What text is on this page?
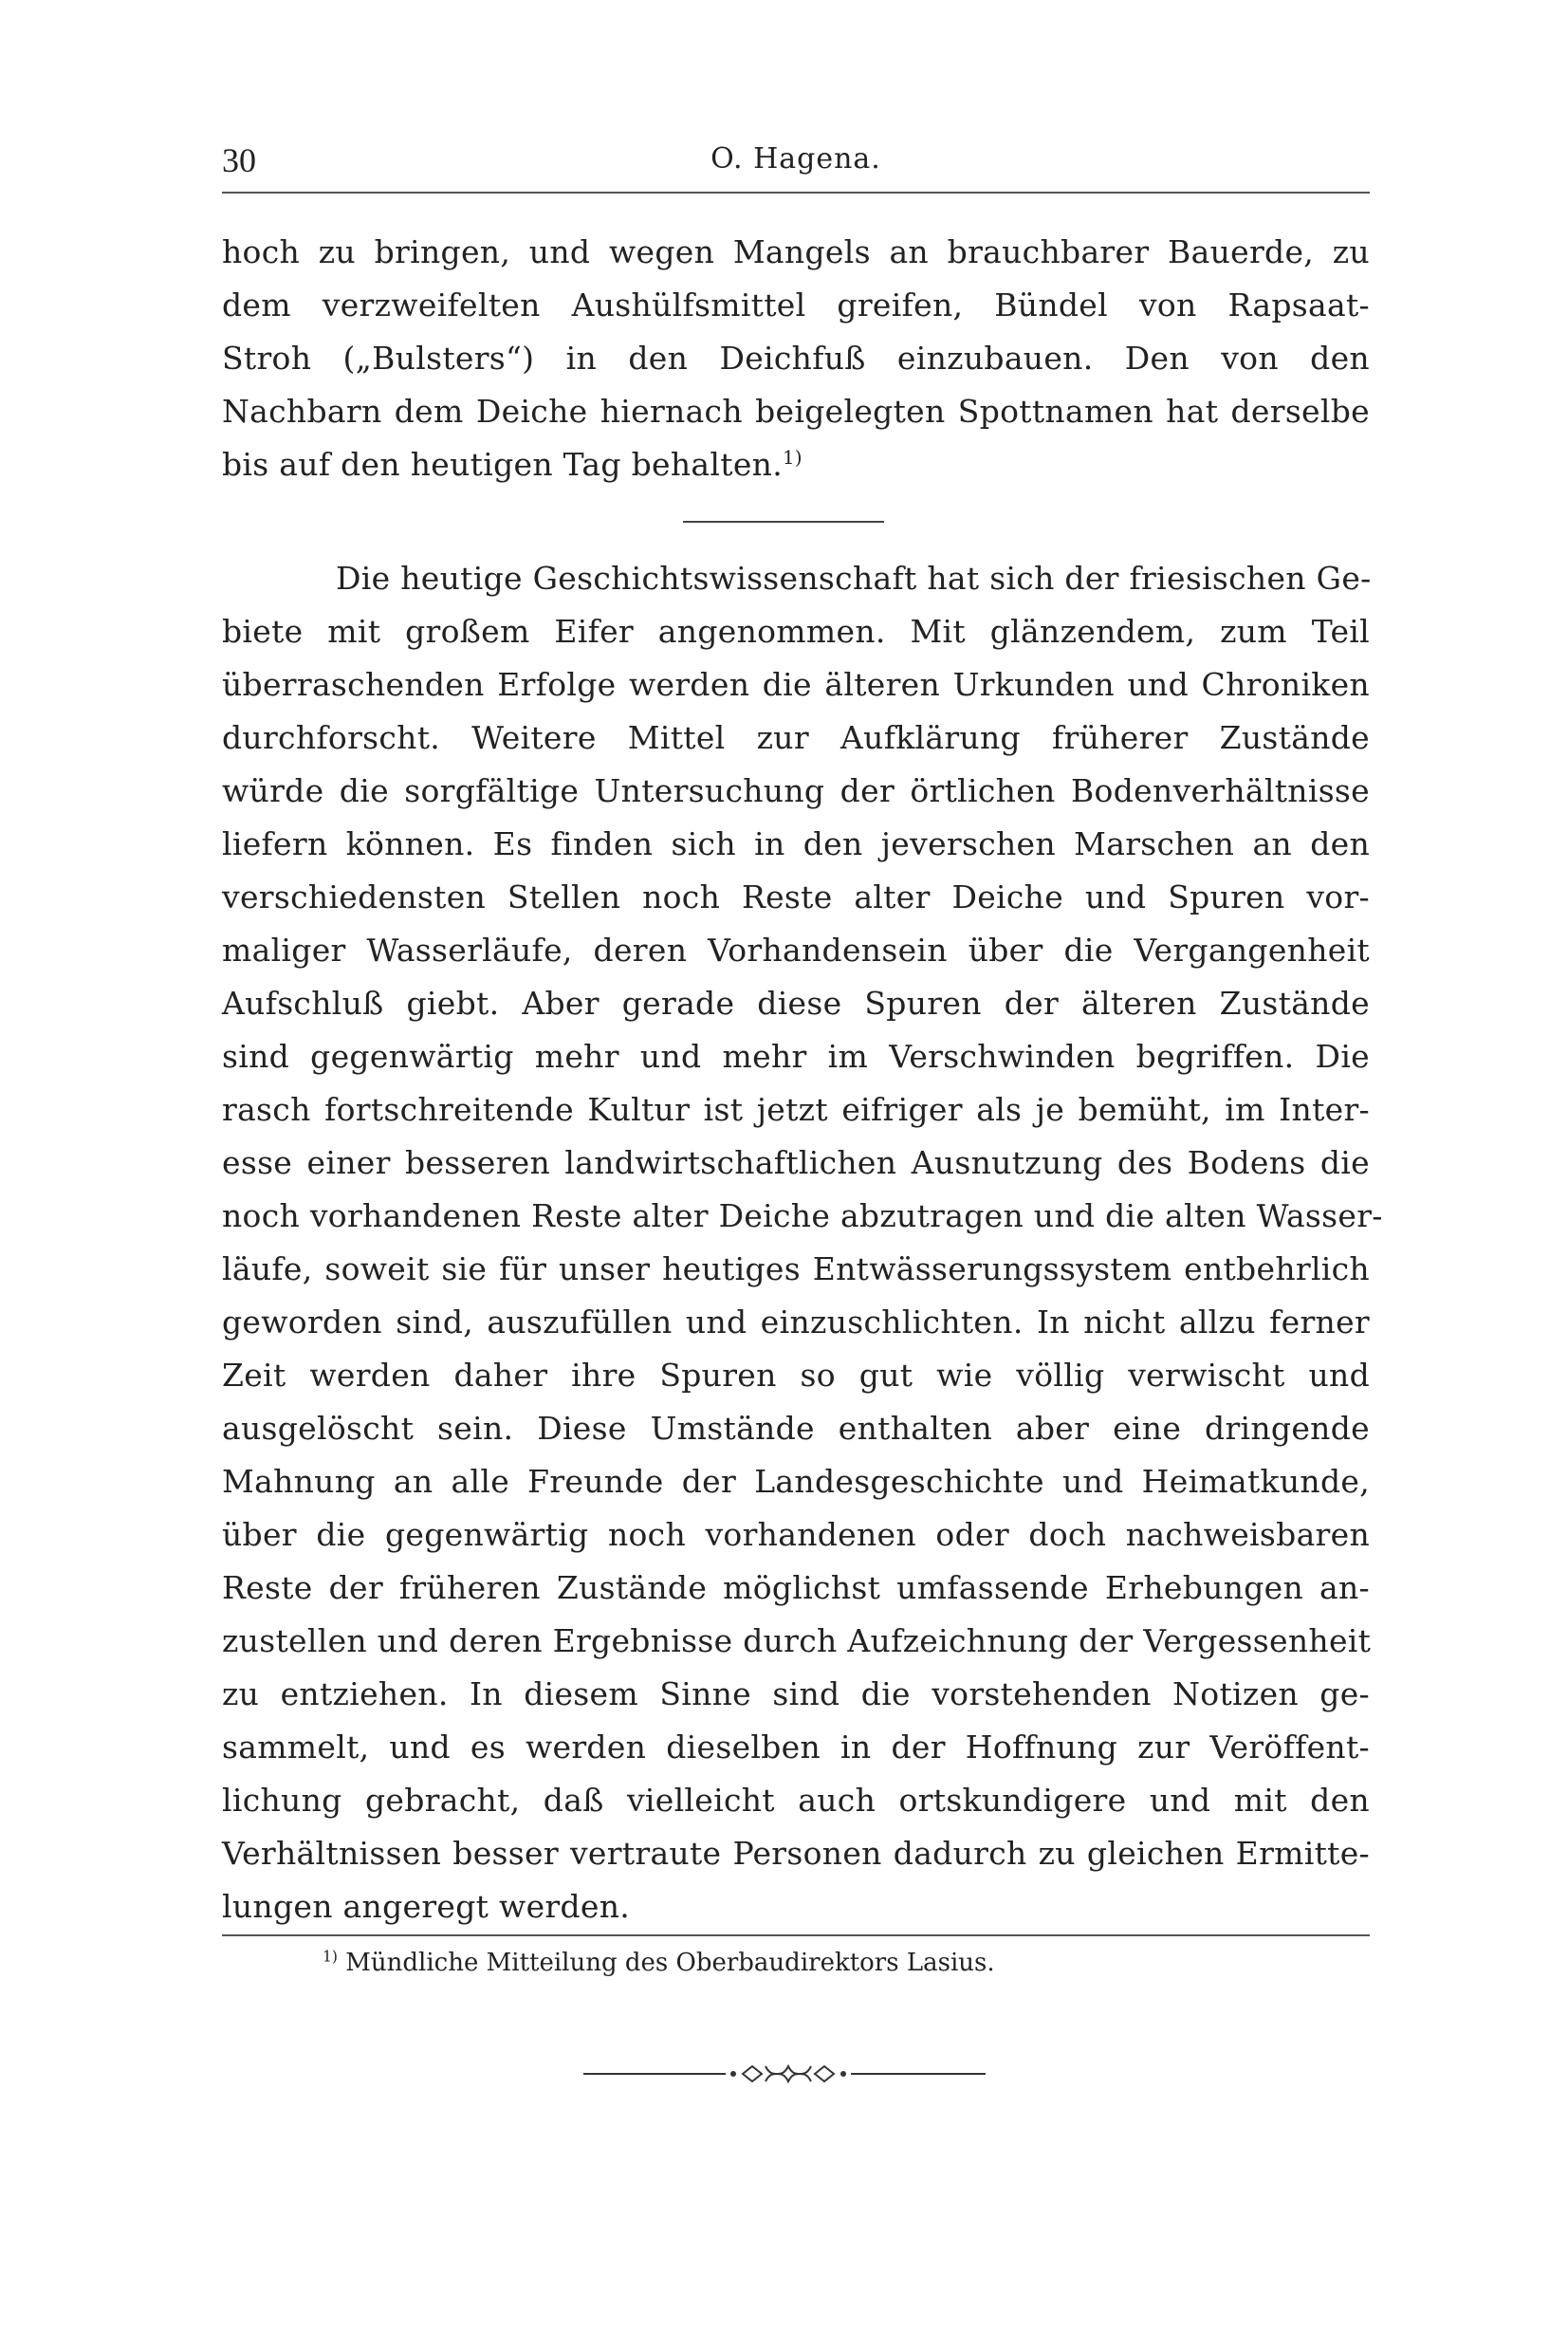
30	O. Hagena.
hoch zu bringen, und wegen Mangels an brauchbarer Bauerde, zu
dem verzweifelten Aushülfsmittel greifen, Bündel von Rapsaat-
Stroh („Bulsters“) in den Deichfuß einzubauen. Den von den
Nachbarn dem Deiche hiernach beigelegten Spottnamen hat derselbe
bis auf den heutigen Tag behalten.$^{1)}$
Die heutige Geschichtswissenschaft hat sich der friesischen Ge-
biete mit großem Eifer angenommen. Mit glänzendem, zum Teil
überraschenden Erfolge werden die älteren Urkunden und Chroniken
durchforscht. Weitere Mittel zur Aufklärung früherer Zustände
würde die sorgfältige Untersuchung der örtlichen Bodenverhältnisse
liefern können. Es finden sich in den jeverschen Marschen an den
verschiedensten Stellen noch Reste alter Deiche und Spuren vor-
maliger Wasserläufe, deren Vorhandensein über die Vergangenheit
Aufschluß giebt. Aber gerade diese Spuren der älteren Zustände
sind gegenwärtig mehr und mehr im Verschwinden begriffen. Die
rasch fortschreitende Kultur ist jetzt eifriger als je bemüht, im Inter-
esse einer besseren landwirtschaftlichen Ausnutzung des Bodens die
noch vorhandenen Reste alter Deiche abzutragen und die alten Wasser-
läufe, soweit sie für unser heutiges Entwässerungssystem entbehrlich
geworden sind, auszufüllen und einzuschlichten. In nicht allzu ferner
Zeit werden daher ihre Spuren so gut wie völlig verwischt und
ausgelöscht sein. Diese Umstände enthalten aber eine dringende
Mahnung an alle Freunde der Landesgeschichte und Heimatkunde,
über die gegenwärtig noch vorhandenen oder doch nachweisbaren
Reste der früheren Zustände möglichst umfassende Erhebungen an-
zustellen und deren Ergebnisse durch Aufzeichnung der Vergessenheit
zu entziehen. In diesem Sinne sind die vorstehenden Notizen ge-
sammelt, und es werden dieselben in der Hoffnung zur Veröffent-
lichung gebracht, daß vielleicht auch ortskundigere und mit den
Verhältnissen besser vertraute Personen dadurch zu gleichen Ermitte-
lungen angeregt werden.
$^{1)}$ Mündliche Mitteilung des Oberbaudirektors Lasius.
